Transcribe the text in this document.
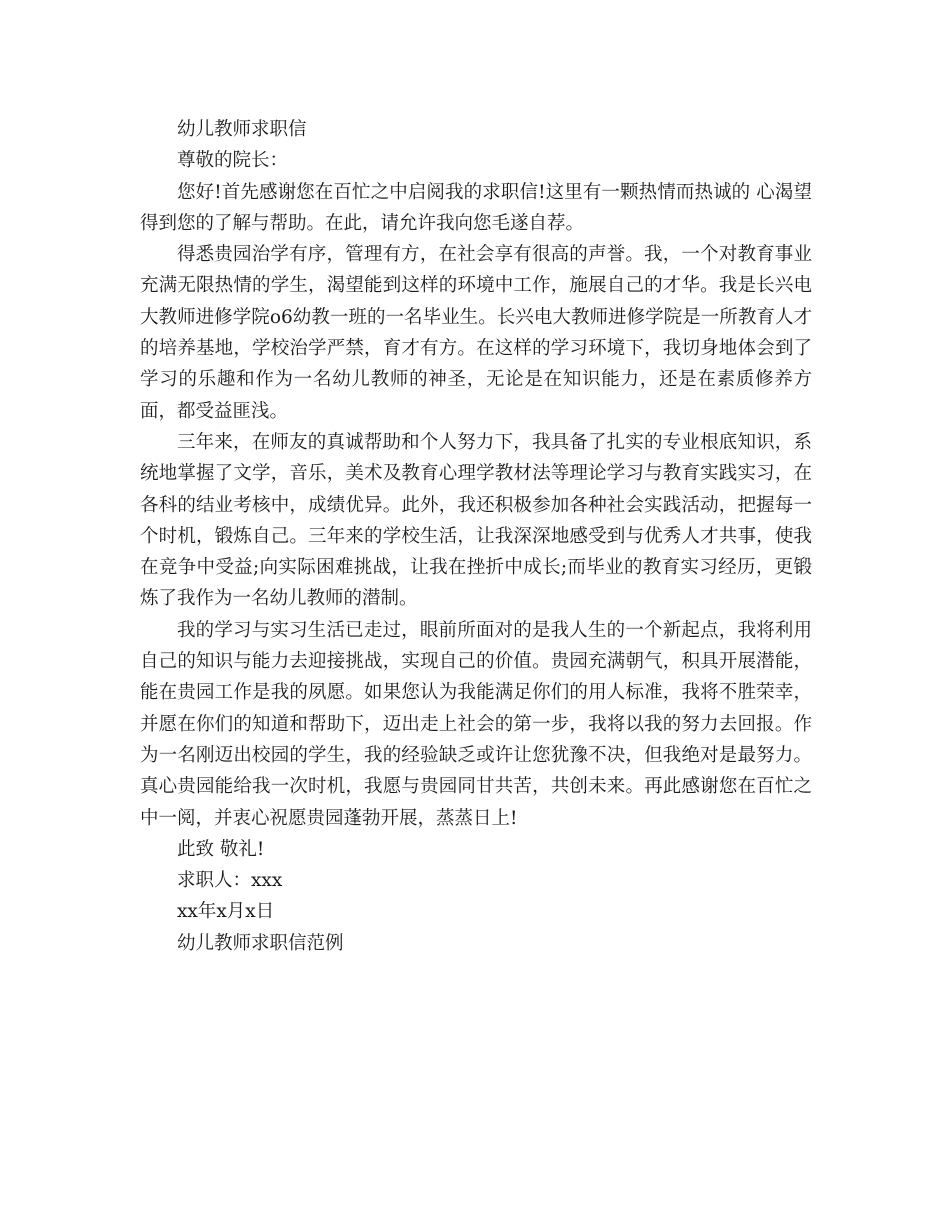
幼儿教师求职信

尊敬的院长：

您好!首先感谢您在百忙之中启阅我的求职信!这里有一颗热情而热诚的 心渴望得到您的了解与帮助。在此，请允许我向您毛遂自荐。

得悉贵园治学有序，管理有方，在社会享有很高的声誉。我，一个对教育事业充满无限热情的学生，渴望能到这样的环境中工作，施展自己的才华。我是长兴电大教师进修学院o6幼教一班的一名毕业生。长兴电大教师进修学院是一所教育人才的培养基地，学校治学严禁，育才有方。在这样的学习环境下，我切身地体会到了学习的乐趣和作为一名幼儿教师的神圣，无论是在知识能力，还是在素质修养方面，都受益匪浅。

三年来，在师友的真诚帮助和个人努力下，我具备了扎实的专业根底知识，系统地掌握了文学，音乐，美术及教育心理学教材法等理论学习与教育实践实习，在各科的结业考核中，成绩优异。此外，我还积极参加各种社会实践活动，把握每一个时机，锻炼自己。三年来的学校生活，让我深深地感受到与优秀人才共事，使我在竞争中受益;向实际困难挑战，让我在挫折中成长;而毕业的教育实习经历，更锻炼了我作为一名幼儿教师的潜制。

我的学习与实习生活已走过，眼前所面对的是我人生的一个新起点，我将利用自己的知识与能力去迎接挑战，实现自己的价值。贵园充满朝气，积具开展潜能，能在贵园工作是我的夙愿。如果您认为我能满足你们的用人标准，我将不胜荣幸，并愿在你们的知道和帮助下，迈出走上社会的第一步，我将以我的努力去回报。作为一名刚迈出校园的学生，我的经验缺乏或许让您犹豫不决，但我绝对是最努力。真心贵园能给我一次时机，我愿与贵园同甘共苦，共创未来。再此感谢您在百忙之中一阅，并衷心祝愿贵园蓬勃开展，蒸蒸日上!

此致 敬礼!

求职人：xxx

xx年x月x日

幼儿教师求职信范例
